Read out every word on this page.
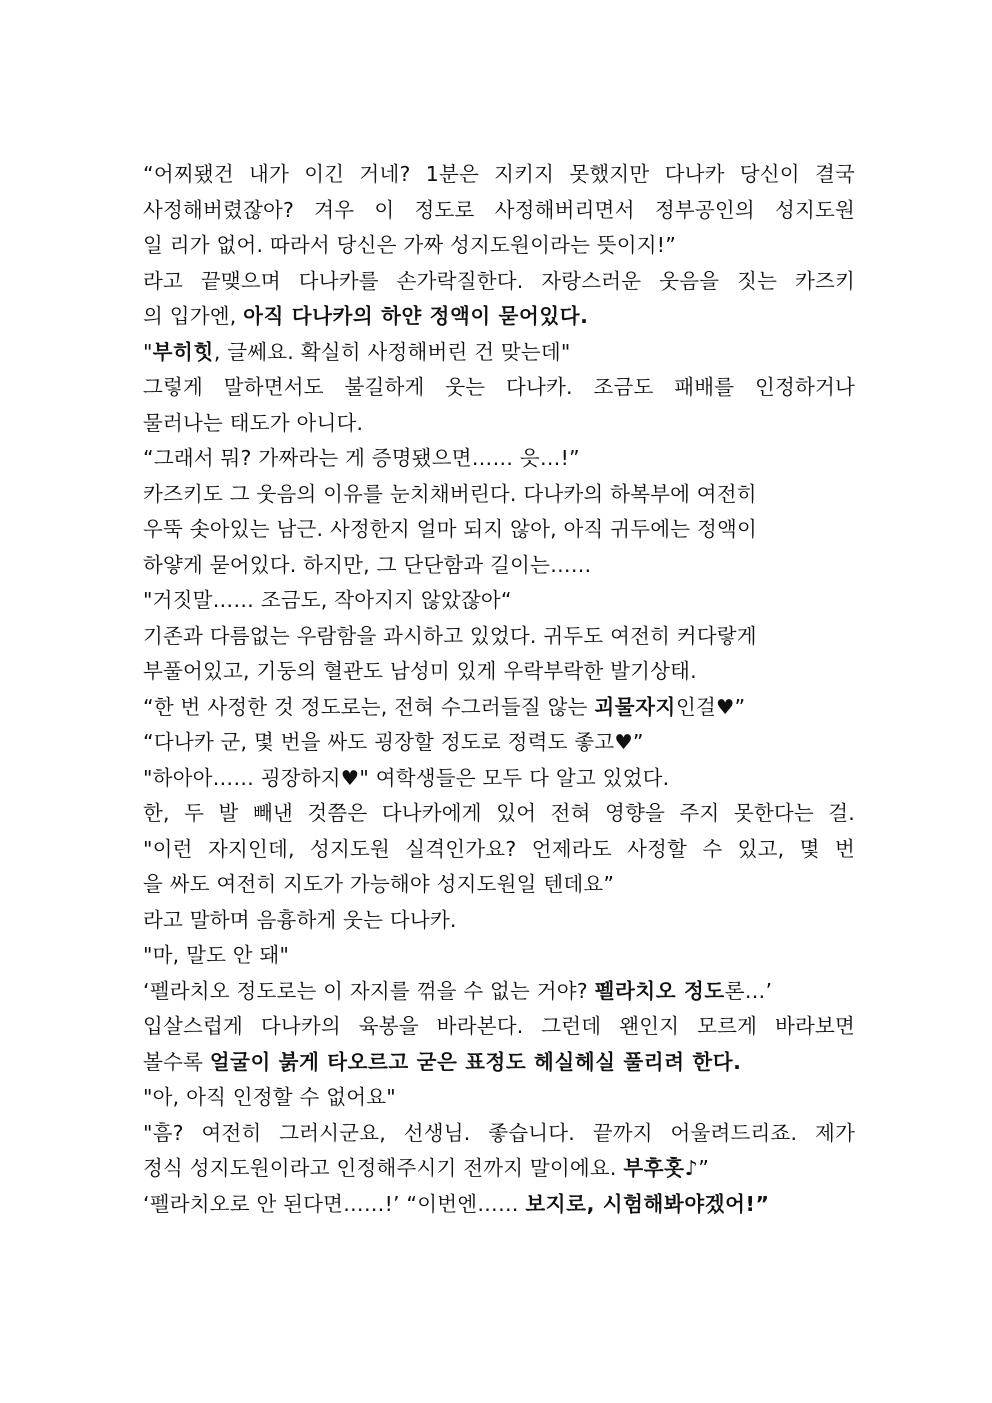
“어찌됐건 내가 이긴 거네? 1분은 지키지 못했지만 다나카 당신이 결국
사정해버렸잖아? 겨우 이 정도로 사정해버리면서 정부공인의 성지도원
일 리가 없어. 따라서 당신은 가짜 성지도원이라는 뜻이지!”
라고 끝맺으며 다나카를 손가락질한다. 자랑스러운 웃음을 짓는 카즈키
의 입가엔, 아직 다나카의 하얀 정액이 묻어있다.
"부히힛, 글쎄요. 확실히 사정해버린 건 맞는데"
그렇게 말하면서도 불길하게 웃는 다나카. 조금도 패배를 인정하거나
물러나는 태도가 아니다.
“그래서 뭐? 가짜라는 게 증명됐으면…… 읏…!”
카즈키도 그 웃음의 이유를 눈치채버린다. 다나카의 하복부에 여전히
우뚝 솟아있는 남근. 사정한지 얼마 되지 않아, 아직 귀두에는 정액이
하얗게 묻어있다. 하지만, 그 단단함과 길이는……
"거짓말…… 조금도, 작아지지 않았잖아“
기존과 다름없는 우람함을 과시하고 있었다. 귀두도 여전히 커다랗게
부풀어있고, 기둥의 혈관도 남성미 있게 우락부락한 발기상태.
“한 번 사정한 것 정도로는, 전혀 수그러들질 않는 괴물자지인걸♥”
“다나카 군, 몇 번을 싸도 굉장할 정도로 정력도 좋고♥”
"하아아…… 굉장하지♥" 여학생들은 모두 다 알고 있었다.
한, 두 발 빼낸 것쯤은 다나카에게 있어 전혀 영향을 주지 못한다는 걸.
"이런 자지인데, 성지도원 실격인가요? 언제라도 사정할 수 있고, 몇 번
을 싸도 여전히 지도가 가능해야 성지도원일 텐데요”
라고 말하며 음흉하게 웃는 다나카.
"마, 말도 안 돼"
‘펠라치오 정도로는 이 자지를 꺾을 수 없는 거야? 펠라치오 정도론…’
입살스럽게 다나카의 육봉을 바라본다. 그런데 왠인지 모르게 바라보면
볼수록 얼굴이 붉게 타오르고 굳은 표정도 헤실헤실 풀리려 한다.
"아, 아직 인정할 수 없어요"
"흠? 여전히 그러시군요, 선생님. 좋습니다. 끝까지 어울려드리죠. 제가
정식 성지도원이라고 인정해주시기 전까지 말이에요. 부후홋♪”
‘펠라치오로 안 된다면……!’ “이번엔…… 보지로, 시험해봐야겠어!”
